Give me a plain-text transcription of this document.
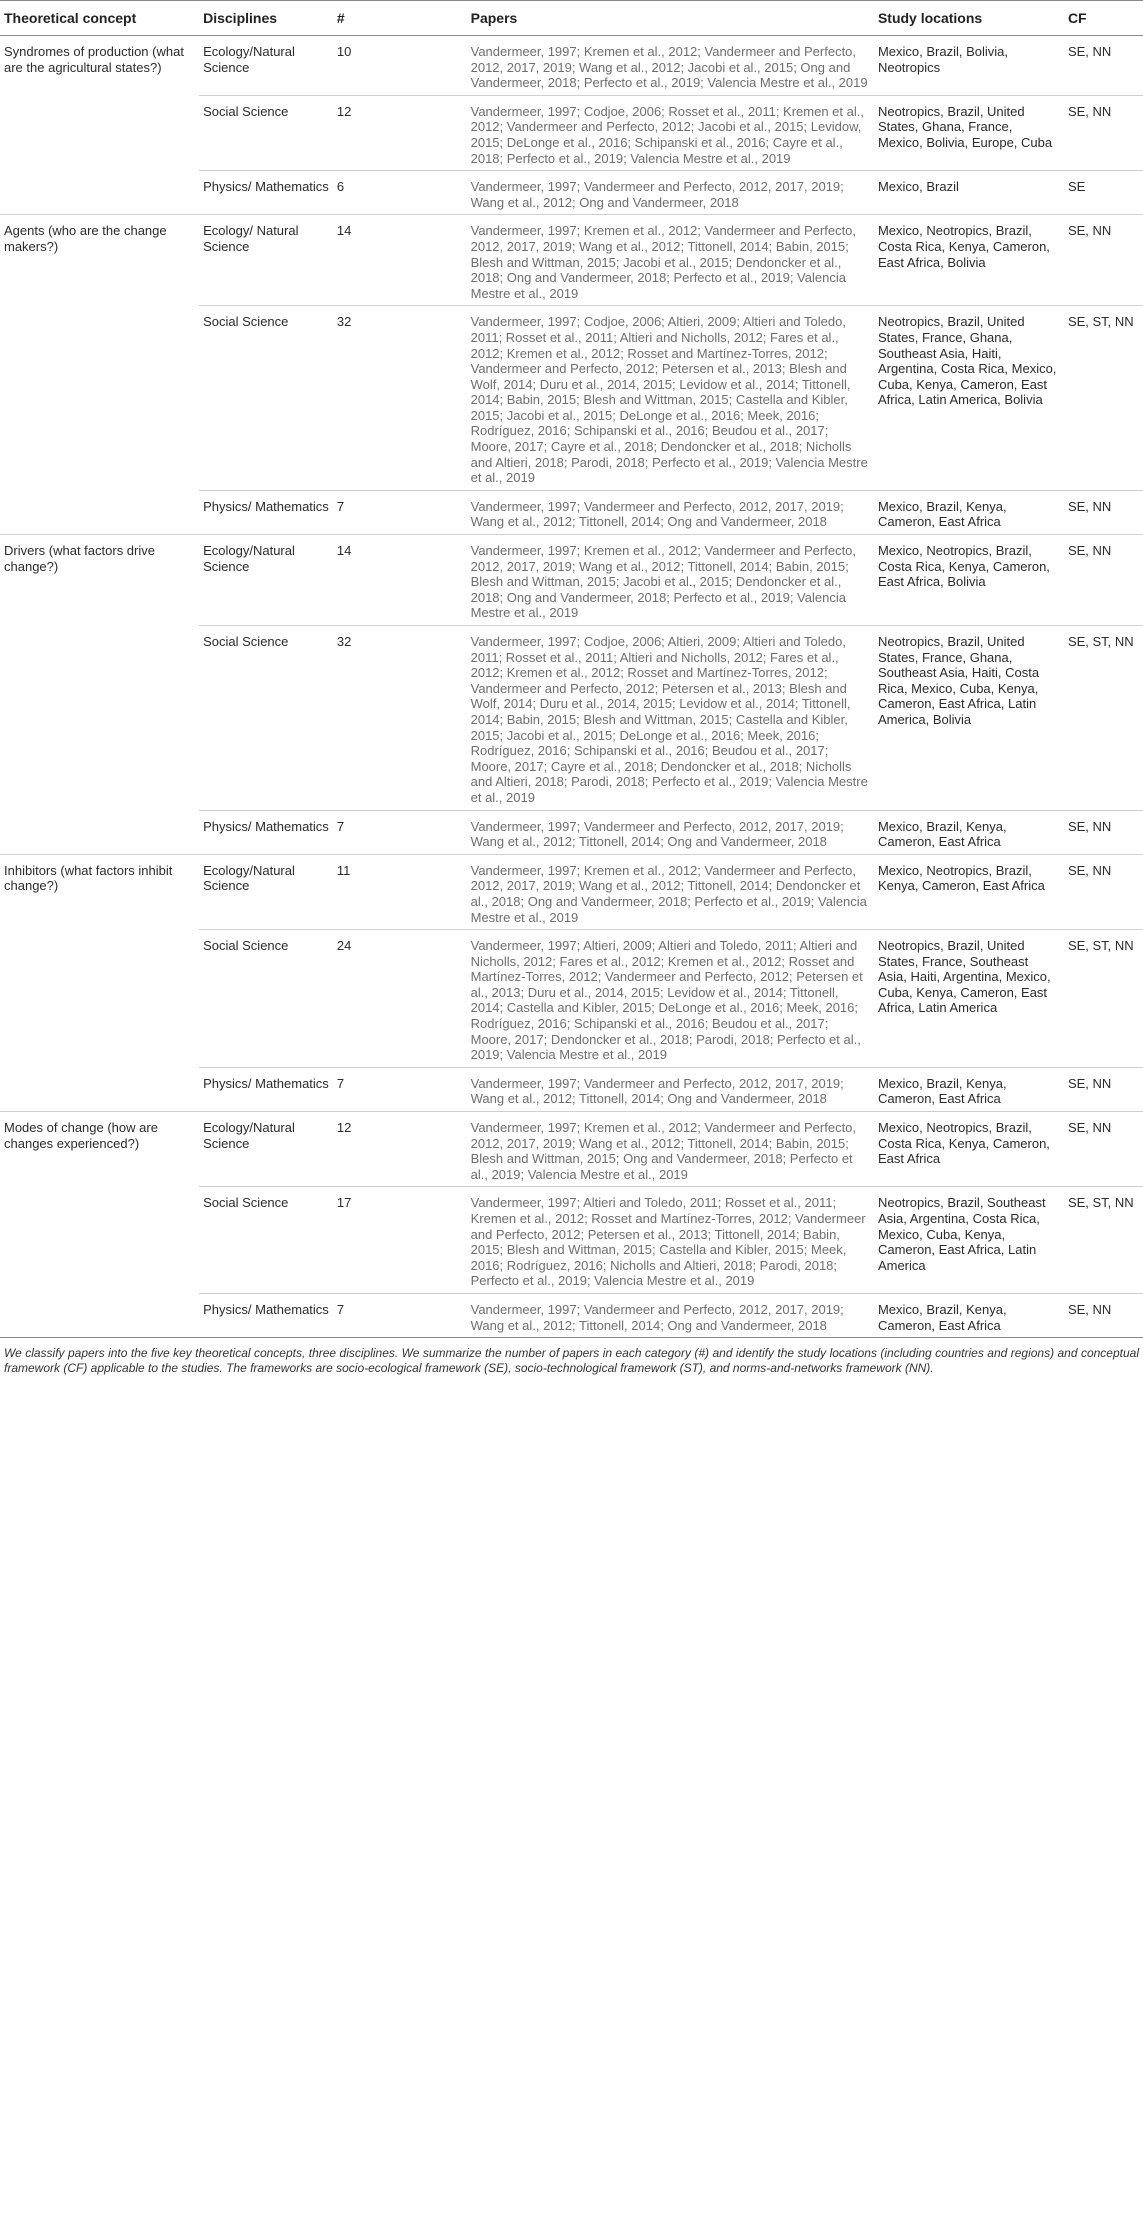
Theoretical concept	Disciplines	#	Papers	Study locations	CF
Syndromes of production (what are the agricultural states?)	Ecology/Natural Science	10	Vandermeer, 1997; Kremen et al., 2012; Vandermeer and Perfecto, 2012, 2017, 2019; Wang et al., 2012; Jacobi et al., 2015; Ong and Vandermeer, 2018; Perfecto et al., 2019; Valencia Mestre et al., 2019	Mexico, Brazil, Bolivia, Neotropics	SE, NN
	Social Science	12	Vandermeer, 1997; Codjoe, 2006; Rosset et al., 2011; Kremen et al., 2012; Vandermeer and Perfecto, 2012; Jacobi et al., 2015; Levidow, 2015; DeLonge et al., 2016; Schipanski et al., 2016; Cayre et al., 2018; Perfecto et al., 2019; Valencia Mestre et al., 2019	Neotropics, Brazil, United States, Ghana, France, Mexico, Bolivia, Europe, Cuba	SE, NN
	Physics/ Mathematics	6	Vandermeer, 1997; Vandermeer and Perfecto, 2012, 2017, 2019; Wang et al., 2012; Ong and Vandermeer, 2018	Mexico, Brazil	SE
Agents (who are the change makers?)	Ecology/ Natural Science	14	Vandermeer, 1997; Kremen et al., 2012; Vandermeer and Perfecto, 2012, 2017, 2019; Wang et al., 2012; Tittonell, 2014; Babin, 2015; Blesh and Wittman, 2015; Jacobi et al., 2015; Dendoncker et al., 2018; Ong and Vandermeer, 2018; Perfecto et al., 2019; Valencia Mestre et al., 2019	Mexico, Neotropics, Brazil, Costa Rica, Kenya, Cameron, East Africa, Bolivia	SE, NN
	Social Science	32	Vandermeer, 1997; Codjoe, 2006; Altieri, 2009; Altieri and Toledo, 2011; Rosset et al., 2011; Altieri and Nicholls, 2012; Fares et al., 2012; Kremen et al., 2012; Rosset and Martínez-Torres, 2012; Vandermeer and Perfecto, 2012; Petersen et al., 2013; Blesh and Wolf, 2014; Duru et al., 2014, 2015; Levidow et al., 2014; Tittonell, 2014; Babin, 2015; Blesh and Wittman, 2015; Castella and Kibler, 2015; Jacobi et al., 2015; DeLonge et al., 2016; Meek, 2016; Rodríguez, 2016; Schipanski et al., 2016; Beudou et al., 2017; Moore, 2017; Cayre et al., 2018; Dendoncker et al., 2018; Nicholls and Altieri, 2018; Parodi, 2018; Perfecto et al., 2019; Valencia Mestre et al., 2019	Neotropics, Brazil, United States, France, Ghana, Southeast Asia, Haiti, Argentina, Costa Rica, Mexico, Cuba, Kenya, Cameron, East Africa, Latin America, Bolivia	SE, ST, NN
	Physics/ Mathematics	7	Vandermeer, 1997; Vandermeer and Perfecto, 2012, 2017, 2019; Wang et al., 2012; Tittonell, 2014; Ong and Vandermeer, 2018	Mexico, Brazil, Kenya, Cameron, East Africa	SE, NN
Drivers (what factors drive change?)	Ecology/Natural Science	14	Vandermeer, 1997; Kremen et al., 2012; Vandermeer and Perfecto, 2012, 2017, 2019; Wang et al., 2012; Tittonell, 2014; Babin, 2015; Blesh and Wittman, 2015; Jacobi et al., 2015; Dendoncker et al., 2018; Ong and Vandermeer, 2018; Perfecto et al., 2019; Valencia Mestre et al., 2019	Mexico, Neotropics, Brazil, Costa Rica, Kenya, Cameron, East Africa, Bolivia	SE, NN
	Social Science	32	Vandermeer, 1997; Codjoe, 2006; Altieri, 2009; Altieri and Toledo, 2011; Rosset et al., 2011; Altieri and Nicholls, 2012; Fares et al., 2012; Kremen et al., 2012; Rosset and Martínez-Torres, 2012; Vandermeer and Perfecto, 2012; Petersen et al., 2013; Blesh and Wolf, 2014; Duru et al., 2014, 2015; Levidow et al., 2014; Tittonell, 2014; Babin, 2015; Blesh and Wittman, 2015; Castella and Kibler, 2015; Jacobi et al., 2015; DeLonge et al., 2016; Meek, 2016; Rodríguez, 2016; Schipanski et al., 2016; Beudou et al., 2017; Moore, 2017; Cayre et al., 2018; Dendoncker et al., 2018; Nicholls and Altieri, 2018; Parodi, 2018; Perfecto et al., 2019; Valencia Mestre et al., 2019	Neotropics, Brazil, United States, France, Ghana, Southeast Asia, Haiti, Costa Rica, Mexico, Cuba, Kenya, Cameron, East Africa, Latin America, Bolivia	SE, ST, NN
	Physics/ Mathematics	7	Vandermeer, 1997; Vandermeer and Perfecto, 2012, 2017, 2019; Wang et al., 2012; Tittonell, 2014; Ong and Vandermeer, 2018	Mexico, Brazil, Kenya, Cameron, East Africa	SE, NN
Inhibitors (what factors inhibit change?)	Ecology/Natural Science	11	Vandermeer, 1997; Kremen et al., 2012; Vandermeer and Perfecto, 2012, 2017, 2019; Wang et al., 2012; Tittonell, 2014; Dendoncker et al., 2018; Ong and Vandermeer, 2018; Perfecto et al., 2019; Valencia Mestre et al., 2019	Mexico, Neotropics, Brazil, Kenya, Cameron, East Africa	SE, NN
	Social Science	24	Vandermeer, 1997; Altieri, 2009; Altieri and Toledo, 2011; Altieri and Nicholls, 2012; Fares et al., 2012; Kremen et al., 2012; Rosset and Martínez-Torres, 2012; Vandermeer and Perfecto, 2012; Petersen et al., 2013; Duru et al., 2014, 2015; Levidow et al., 2014; Tittonell, 2014; Castella and Kibler, 2015; DeLonge et al., 2016; Meek, 2016; Rodríguez, 2016; Schipanski et al., 2016; Beudou et al., 2017; Moore, 2017; Dendoncker et al., 2018; Parodi, 2018; Perfecto et al., 2019; Valencia Mestre et al., 2019	Neotropics, Brazil, United States, France, Southeast Asia, Haiti, Argentina, Mexico, Cuba, Kenya, Cameron, East Africa, Latin America	SE, ST, NN
	Physics/ Mathematics	7	Vandermeer, 1997; Vandermeer and Perfecto, 2012, 2017, 2019; Wang et al., 2012; Tittonell, 2014; Ong and Vandermeer, 2018	Mexico, Brazil, Kenya, Cameron, East Africa	SE, NN
Modes of change (how are changes experienced?)	Ecology/Natural Science	12	Vandermeer, 1997; Kremen et al., 2012; Vandermeer and Perfecto, 2012, 2017, 2019; Wang et al., 2012; Tittonell, 2014; Babin, 2015; Blesh and Wittman, 2015; Ong and Vandermeer, 2018; Perfecto et al., 2019; Valencia Mestre et al., 2019	Mexico, Neotropics, Brazil, Costa Rica, Kenya, Cameron, East Africa	SE, NN
	Social Science	17	Vandermeer, 1997; Altieri and Toledo, 2011; Rosset et al., 2011; Kremen et al., 2012; Rosset and Martínez-Torres, 2012; Vandermeer and Perfecto, 2012; Petersen et al., 2013; Tittonell, 2014; Babin, 2015; Blesh and Wittman, 2015; Castella and Kibler, 2015; Meek, 2016; Rodríguez, 2016; Nicholls and Altieri, 2018; Parodi, 2018; Perfecto et al., 2019; Valencia Mestre et al., 2019	Neotropics, Brazil, Southeast Asia, Argentina, Costa Rica, Mexico, Cuba, Kenya, Cameron, East Africa, Latin America	SE, ST, NN
	Physics/ Mathematics	7	Vandermeer, 1997; Vandermeer and Perfecto, 2012, 2017, 2019; Wang et al., 2012; Tittonell, 2014; Ong and Vandermeer, 2018	Mexico, Brazil, Kenya, Cameron, East Africa	SE, NN
We classify papers into the five key theoretical concepts, three disciplines. We summarize the number of papers in each category (#) and identify the study locations (including countries and regions) and conceptual framework (CF) applicable to the studies. The frameworks are socio-ecological framework (SE), socio-technological framework (ST), and norms-and-networks framework (NN).
